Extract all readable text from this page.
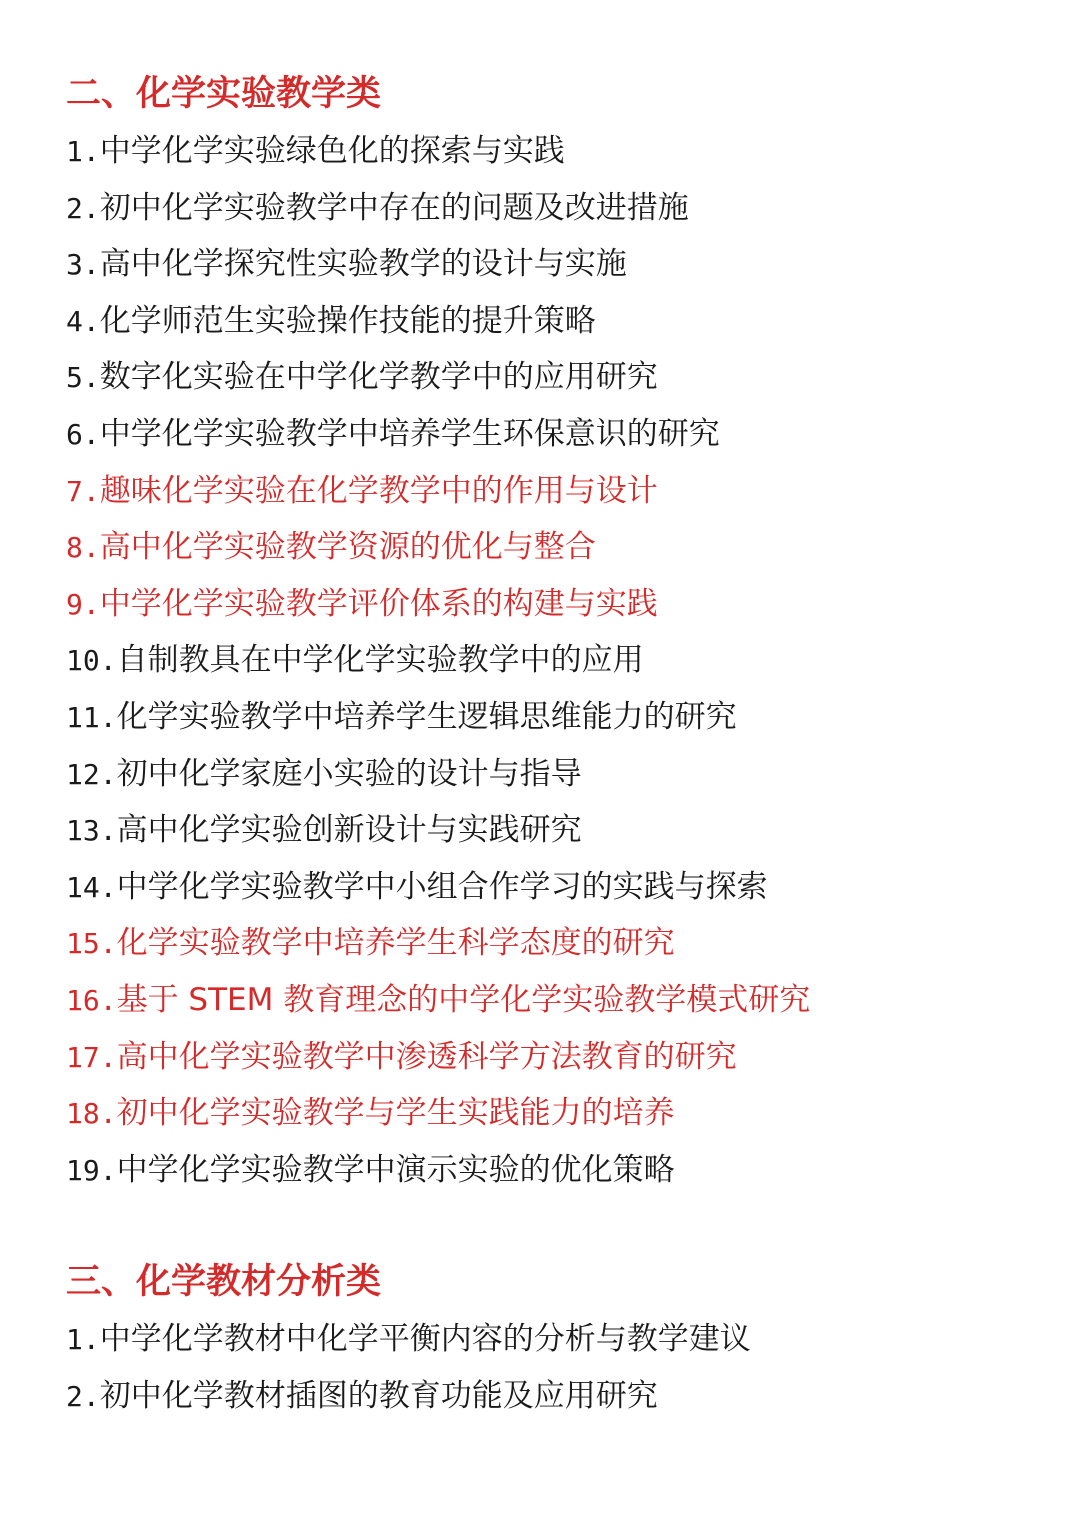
二、化学实验教学类
1.中学化学实验绿色化的探索与实践
2.初中化学实验教学中存在的问题及改进措施
3.高中化学探究性实验教学的设计与实施
4.化学师范生实验操作技能的提升策略
5.数字化实验在中学化学教学中的应用研究
6.中学化学实验教学中培养学生环保意识的研究
7.趣味化学实验在化学教学中的作用与设计
8.高中化学实验教学资源的优化与整合
9.中学化学实验教学评价体系的构建与实践
10.自制教具在中学化学实验教学中的应用
11.化学实验教学中培养学生逻辑思维能力的研究
12.初中化学家庭小实验的设计与指导
13.高中化学实验创新设计与实践研究
14.中学化学实验教学中小组合作学习的实践与探索
15.化学实验教学中培养学生科学态度的研究
16.基于 STEM 教育理念的中学化学实验教学模式研究
17.高中化学实验教学中渗透科学方法教育的研究
18.初中化学实验教学与学生实践能力的培养
19.中学化学实验教学中演示实验的优化策略
三、化学教材分析类
1.中学化学教材中化学平衡内容的分析与教学建议
2.初中化学教材插图的教育功能及应用研究
